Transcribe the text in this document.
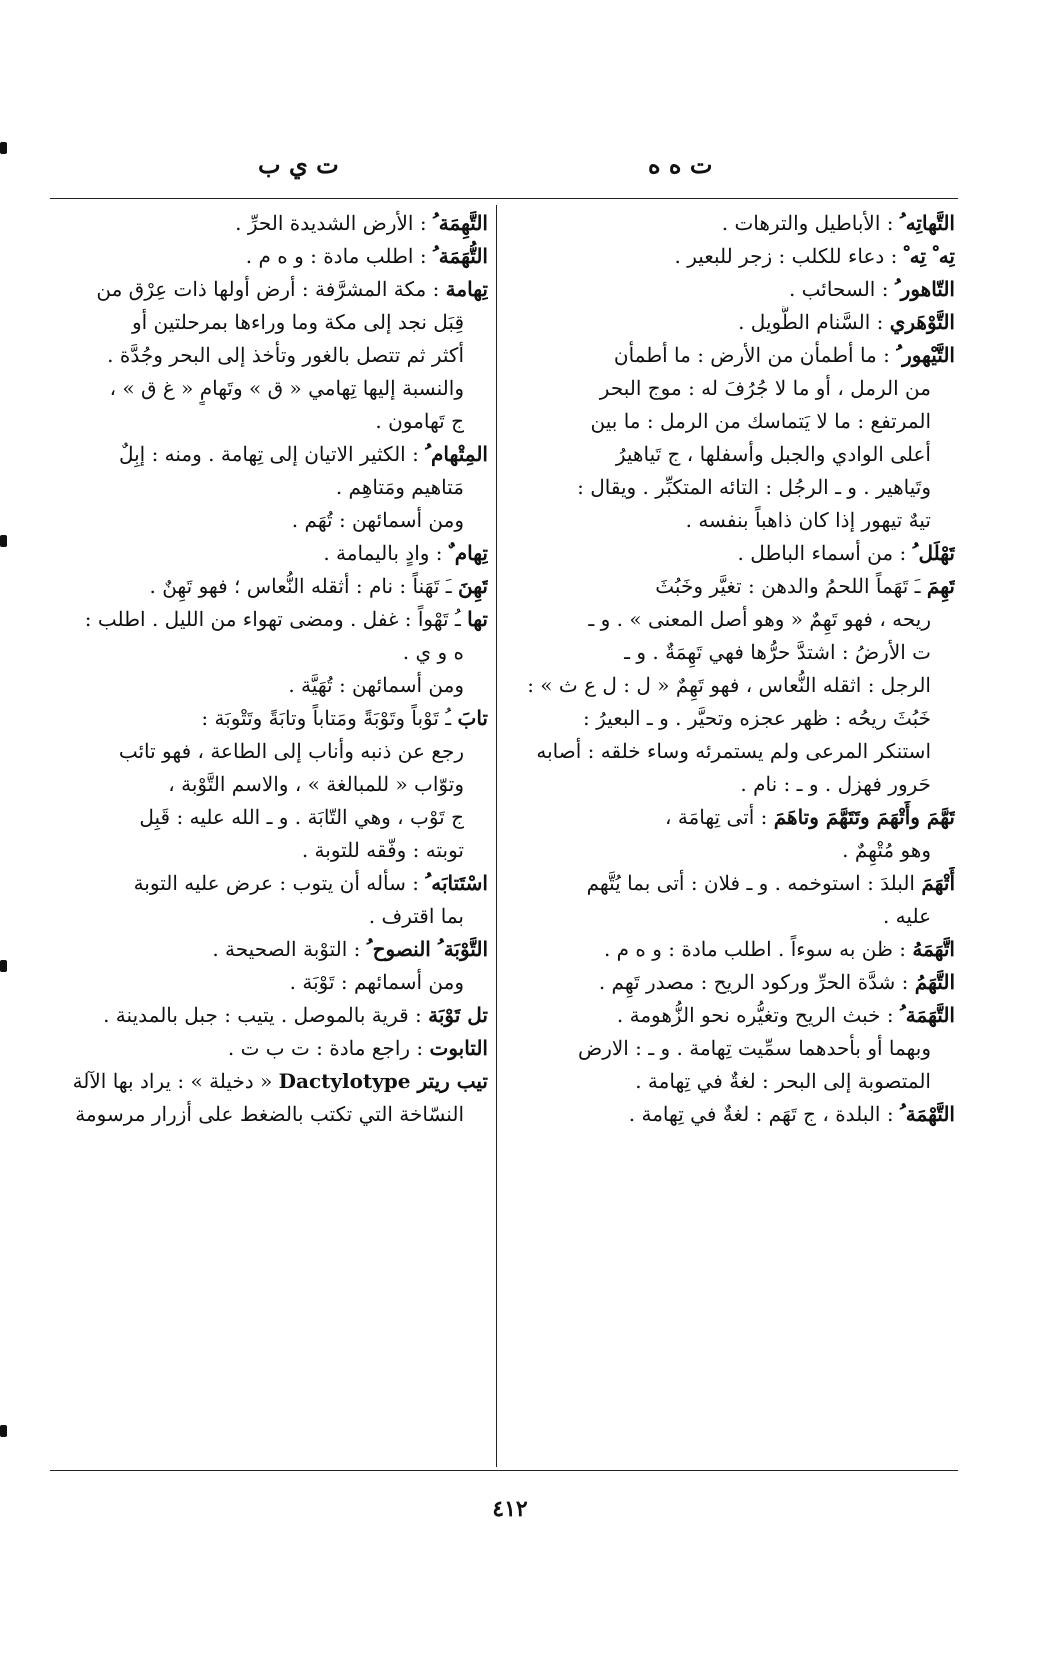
ت ه ه
ت ي ب
التَّهاتِه ُ : الأباطيل والترهات .
تِه ْ تِه ْ : دعاء للكلب : زجر للبعير .
التّاهور ُ : السحائب .
التَّوْهَري : السَّنام الطَّويل .
التَّيْهور ُ : ما أطمأن من الأرض : ما أطمأن
من الرمل ، أو ما لا جُرُفَ له : موج البحر
المرتفع : ما لا يَتماسك من الرمل : ما بين
أعلى الوادي والجبل وأسفلها ، ج تَياهيرُ
وتَياهير . و ـ الرجُل : التائه المتكبِّر . ويقال :
تيهٌ تيهور إذا كان ذاهباً بنفسه .
تَهْلَل ُ : من أسماء الباطل .
تَهِمَ ـَ تَهَماً اللحمُ والدهن : تغيَّر وخَبُثَ
ريحه ، فهو تَهِمٌ « وهو أصل المعنى » . و ـ
ت الأرضُ : اشتدَّ حرُّها فهي تَهِمَةٌ . و ـ
الرجل : اثقله النُّعاس ، فهو تَهِمٌ « ل : ل ع ث » :
خَبُثَ ريحُه : ظهر عجزه وتحيَّر . و ـ البعيرُ :
استنكر المرعى ولم يستمرئه وساء خلقه : أصابه
حَرور فهزل . و ـ : نام .
تَهَّمَ وأَتْهَمَ وتَتَهَّمَ وتاهَمَ : أتى تِهامَة ،
وهو مُتْهِمٌ .
أَتْهَمَ البلدَ : استوخمه . و ـ فلان : أتى بما يُتَّهم
عليه .
اتَّهَمَهُ : ظن به سوءاً . اطلب مادة : و ه م .
التَّهَمُ : شدَّة الحرِّ وركود الريح : مصدر تَهِم .
التَّهَمَة ُ : خبث الريح وتغيُّره نحو الزُّهومة .
وبهما أو بأحدهما سمِّيت تِهامة . و ـ : الارض
المتصوبة إلى البحر : لغةٌ في تِهامة .
التَّهْمَة ُ : البلدة ، ج تَهَم : لغةٌ في تِهامة .
التَّهِمَة ُ : الأرض الشديدة الحرِّ .
التُّهَمَة ُ : اطلب مادة : و ه م .
تِهامة : مكة المشرَّفة : أرض أولها ذات عِرْق من
قِبَل نجد إلى مكة وما وراءها بمرحلتين أو
أكثر ثم تتصل بالغور وتأخذ إلى البحر وجُدَّة .
والنسبة إليها تِهامي « ق » وتَهامٍ « غ ق » ،
ج تَهامون .
المِتْهام ُ : الكثير الاتيان إلى تِهامة . ومنه : إبِلٌ
مَتاهيم ومَتاهِم .
ومن أسمائهن : تُهَم .
تِهام ٌ : وادٍ باليمامة .
تَهِنَ ـَ تَهَناً : نام : أثقله النُّعاس ؛ فهو تَهِنٌ .
تها ـُ تَهْواً : غفل . ومضى تهواء من الليل . اطلب :
ه و ي .
ومن أسمائهن : تُهَيَّة .
تابَ ـُ تَوْباً وتَوْبَةً ومَتاباً وتابَةً وتَتْوبَة :
رجع عن ذنبه وأناب إلى الطاعة ، فهو تائب
وتوّاب « للمبالغة » ، والاسم التَّوْبة ،
ج تَوْب ، وهي التّابَة . و ـ الله عليه : قَبِل
توبته : وفّقه للتوبة .
اسْتَتابَه ُ : سأله أن يتوب : عرض عليه التوبة
بما اقترف .
التَّوْبَة ُ النصوح ُ : التوْبة الصحيحة .
ومن أسمائهم : تَوْبَة .
تل تَوْبَة : قرية بالموصل . يتيب : جبل بالمدينة .
التابوت : راجع مادة : ت ب ت .
تيب ريتر Dactylotype « دخيلة » : يراد بها الآلة
النسّاخة التي تكتب بالضغط على أزرار مرسومة
٤١٢
